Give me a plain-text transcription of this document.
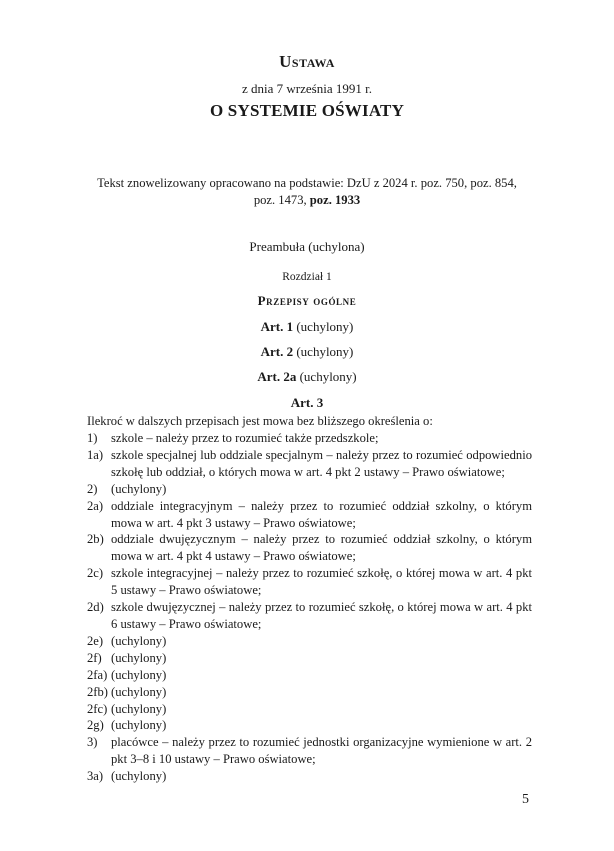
Ustawa
z dnia 7 września 1991 r.
O SYSTEMIE OŚWIATY
Tekst znowelizowany opracowano na podstawie: DzU z 2024 r. poz. 750, poz. 854,
poz. 1473, poz. 1933
Preambuła (uchylona)
Rozdział 1
Przepisy ogólne
Art. 1 (uchylony)
Art. 2 (uchylony)
Art. 2a (uchylony)
Art. 3
Ilekroć w dalszych przepisach jest mowa bez bliższego określenia o:
1)	szkole – należy przez to rozumieć także przedszkole;
1a) szkole specjalnej lub oddziale specjalnym – należy przez to rozumieć odpowiednio szkołę lub oddział, o których mowa w art. 4 pkt 2 ustawy – Prawo oświatowe;
2)	(uchylony)
2a) oddziale integracyjnym – należy przez to rozumieć oddział szkolny, o którym mowa w art. 4 pkt 3 ustawy – Prawo oświatowe;
2b) oddziale dwujęzycznym – należy przez to rozumieć oddział szkolny, o którym mowa w art. 4 pkt 4 ustawy – Prawo oświatowe;
2c) szkole integracyjnej – należy przez to rozumieć szkołę, o której mowa w art. 4 pkt 5 ustawy – Prawo oświatowe;
2d) szkole dwujęzycznej – należy przez to rozumieć szkołę, o której mowa w art. 4 pkt 6 ustawy – Prawo oświatowe;
2e) (uchylony)
2f) (uchylony)
2fa) (uchylony)
2fb) (uchylony)
2fc) (uchylony)
2g) (uchylony)
3)	placówce – należy przez to rozumieć jednostki organizacyjne wymienione w art. 2 pkt 3–8 i 10 ustawy – Prawo oświatowe;
3a) (uchylony)
5
